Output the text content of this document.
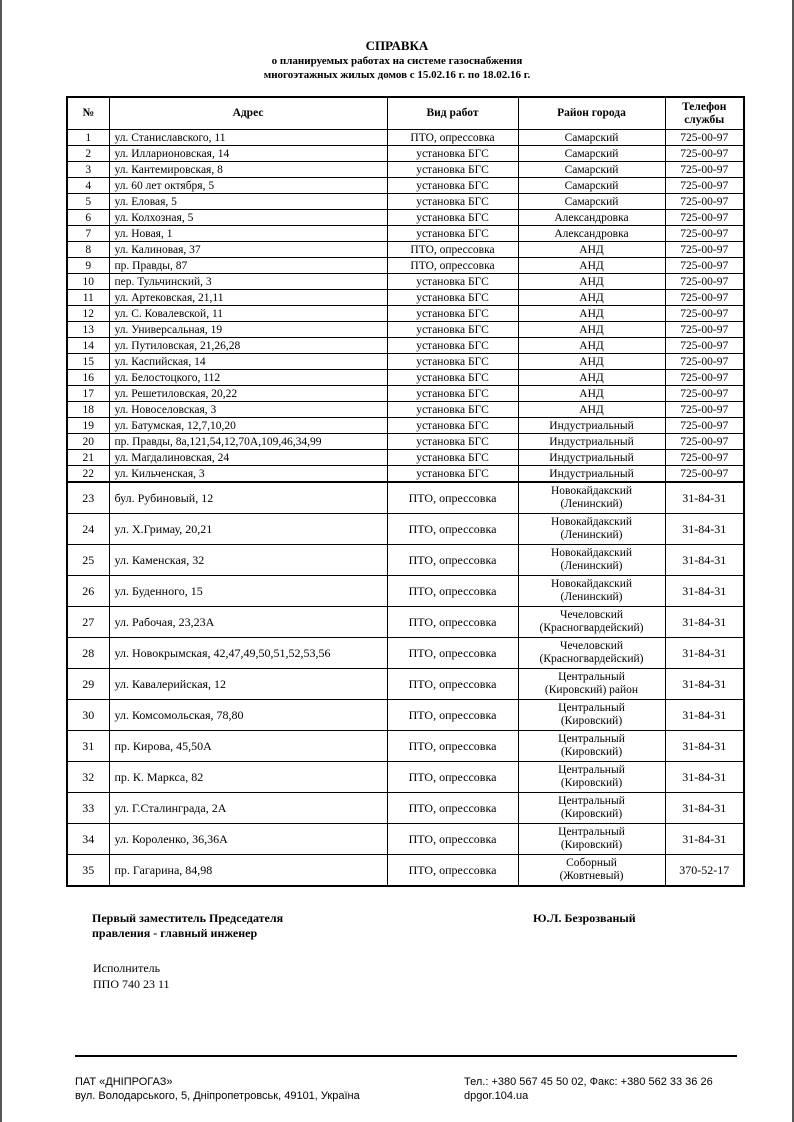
СПРАВКА
о планируемых работах на системе газоснабжения
многоэтажных жилых домов с 15.02.16 г. по 18.02.16 г.
№	Адрес	Вид работ	Район города	Телефон
службы
1	ул. Станиславского, 11	ПТО, опрессовка	Самарский	725-00-97
2	ул. Илларионовская, 14	установка БГС	Самарский	725-00-97
3	ул. Кантемировская, 8	установка БГС	Самарский	725-00-97
4	ул. 60 лет октября, 5	установка БГС	Самарский	725-00-97
5	ул. Еловая, 5	установка БГС	Самарский	725-00-97
6	ул. Колхозная, 5	установка БГС	Александровка	725-00-97
7	ул. Новая, 1	установка БГС	Александровка	725-00-97
8	ул. Калиновая, 37	ПТО, опрессовка	АНД	725-00-97
9	пр. Правды, 87	ПТО, опрессовка	АНД	725-00-97
10	пер. Тульчинский, 3	установка БГС	АНД	725-00-97
11	ул. Артековская, 21,11	установка БГС	АНД	725-00-97
12	ул. С. Ковалевской, 11	установка БГС	АНД	725-00-97
13	ул. Универсальная, 19	установка БГС	АНД	725-00-97
14	ул. Путиловская, 21,26,28	установка БГС	АНД	725-00-97
15	ул. Каспийская, 14	установка БГС	АНД	725-00-97
16	ул. Белостоцкого, 112	установка БГС	АНД	725-00-97
17	ул. Решетиловская, 20,22	установка БГС	АНД	725-00-97
18	ул. Новоселовская, 3	установка БГС	АНД	725-00-97
19	ул. Батумская, 12,7,10,20	установка БГС	Индустриальный	725-00-97
20	пр. Правды, 8а,121,54,12,70А,109,46,34,99	установка БГС	Индустриальный	725-00-97
21	ул. Магдалиновская, 24	установка БГС	Индустриальный	725-00-97
22	ул. Кильченская, 3	установка БГС	Индустриальный	725-00-97
23	бул. Рубиновый, 12	ПТО, опрессовка	Новокайдакский
(Ленинский)	31-84-31
24	ул. Х.Гримау, 20,21	ПТО, опрессовка	Новокайдакский
(Ленинский)	31-84-31
25	ул. Каменская, 32	ПТО, опрессовка	Новокайдакский
(Ленинский)	31-84-31
26	ул. Буденного, 15	ПТО, опрессовка	Новокайдакский
(Ленинский)	31-84-31
27	ул. Рабочая, 23,23А	ПТО, опрессовка	Чечеловский
(Красногвардейский)	31-84-31
28	ул. Новокрымская, 42,47,49,50,51,52,53,56	ПТО, опрессовка	Чечеловский
(Красногвардейский)	31-84-31
29	ул. Кавалерийская, 12	ПТО, опрессовка	Центральный
(Кировский) район	31-84-31
30	ул. Комсомольская, 78,80	ПТО, опрессовка	Центральный
(Кировский)	31-84-31
31	пр. Кирова, 45,50А	ПТО, опрессовка	Центральный
(Кировский)	31-84-31
32	пр. К. Маркса, 82	ПТО, опрессовка	Центральный
(Кировский)	31-84-31
33	ул. Г.Сталинграда, 2А	ПТО, опрессовка	Центральный
(Кировский)	31-84-31
34	ул. Короленко, 36,36А	ПТО, опрессовка	Центральный
(Кировский)	31-84-31
35	пр. Гагарина, 84,98	ПТО, опрессовка	Соборный
(Жовтневый)	370-52-17
Первый заместитель Председателя
правления - главный инженер
Ю.Л. Безрозваный
Исполнитель
ППО 740 23 11
ПАТ «ДНІПРОГАЗ»
вул. Володарського, 5, Дніпропетровськ, 49101, Україна
Тел.: +380 567 45 50 02, Факс: +380 562 33 36 26
dpgor.104.ua
